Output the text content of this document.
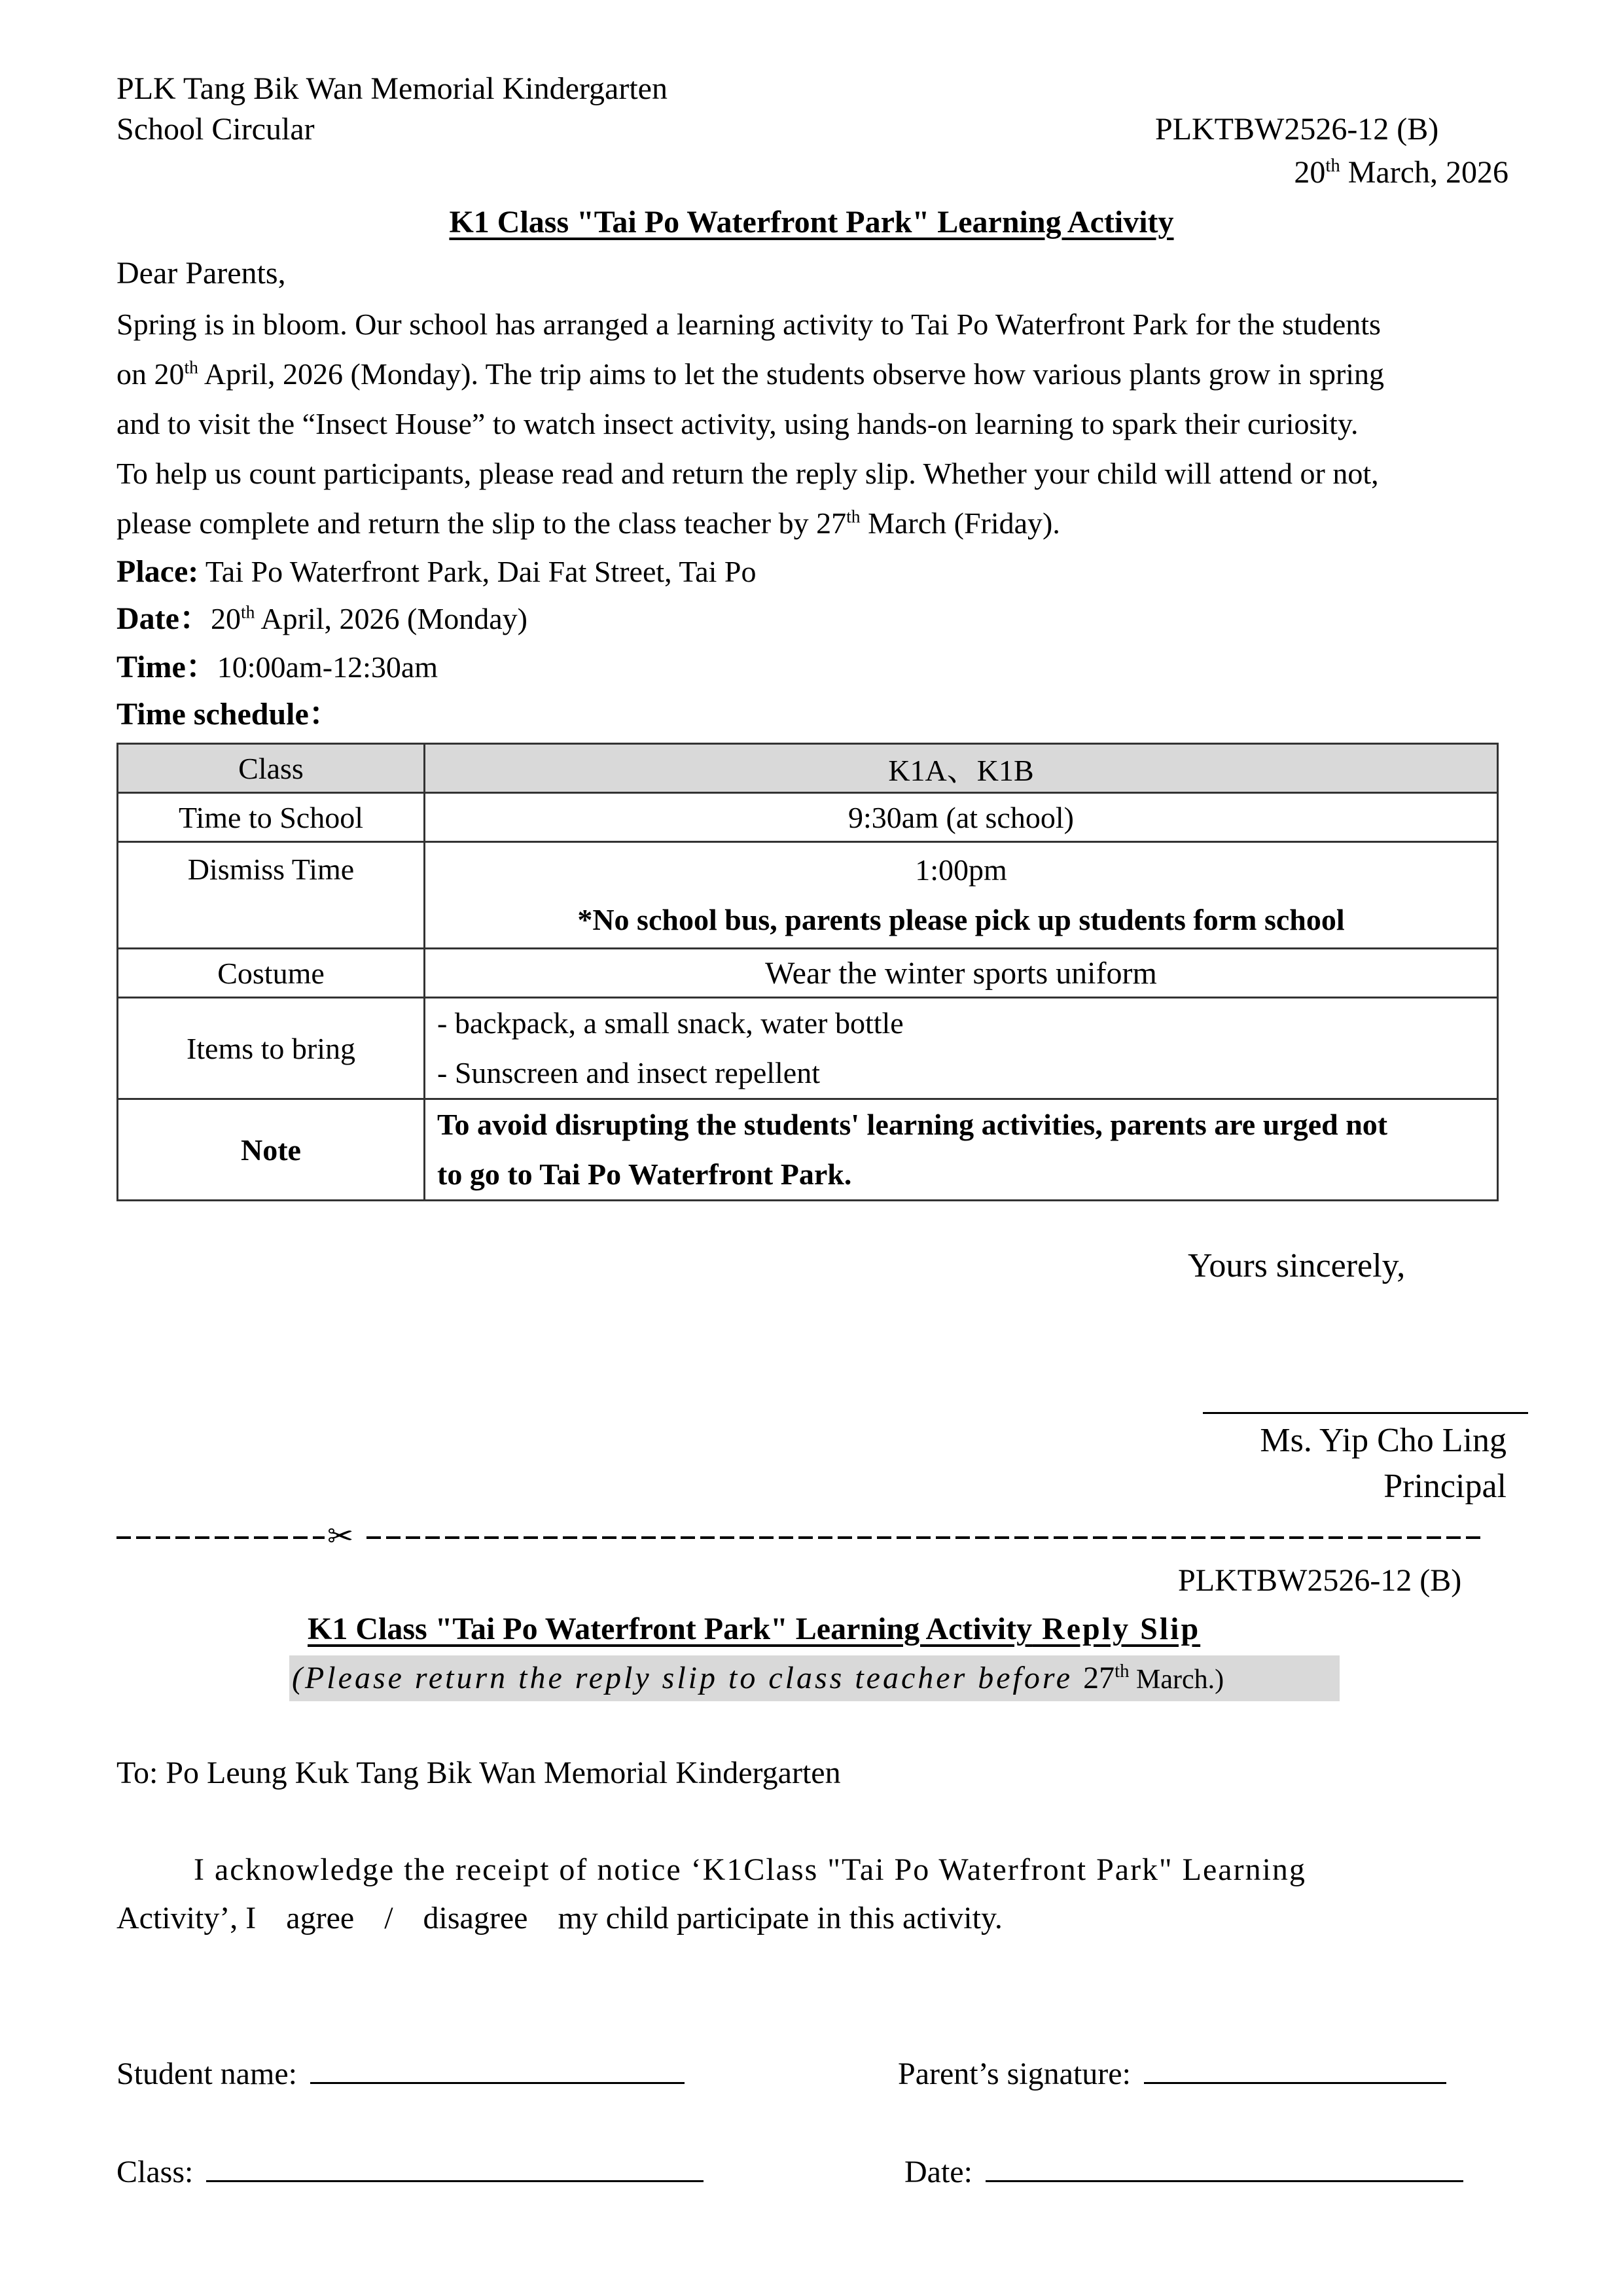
PLK Tang Bik Wan Memorial Kindergarten
School Circular	PLKTBW2526-12 (B)
20th March, 2026
K1 Class "Tai Po Waterfront Park" Learning Activity
Dear Parents,

Spring is in bloom. Our school has arranged a learning activity to Tai Po Waterfront Park for the students

on 20th April, 2026 (Monday). The trip aims to let the students observe how various plants grow in spring

and to visit the “Insect House” to watch insect activity, using hands-on learning to spark their curiosity.

To help us count participants, please read and return the reply slip. Whether your child will attend or not,

please complete and return the slip to the class teacher by 27th March (Friday).

Place: Tai Po Waterfront Park, Dai Fat Street, Tai Po
Date：20th April, 2026 (Monday)
Time：10:00am-12:30am
Time schedule：
Class	K1A、K1B
Time to School	9:30am (at school)
Dismiss Time	1:00pm
*No school bus, parents please pick up students form school

Costume	Wear the winter sports uniform
Items to bring	- backpack, a small snack, water bottle
- Sunscreen and insect repellent

Note	To avoid disrupting the students' learning activities, parents are urged not
to go to Tai Po Waterfront Park.
Yours sincerely,
Ms. Yip Cho Ling
Principal
✂
PLKTBW2526-12 (B)
K1 Class "Tai Po Waterfront Park" Learning Activity Reply Slip
(Please return the reply slip to class teacher before 27th March.)
To: Po Leung Kuk Tang Bik Wan Memorial Kindergarten
I acknowledge the receipt of notice ‘K1Class "Tai Po Waterfront Park" Learning
Activity’, I agree / disagree my child participate in this activity.
Student name:	Parent’s signature:
Class:	Date:
